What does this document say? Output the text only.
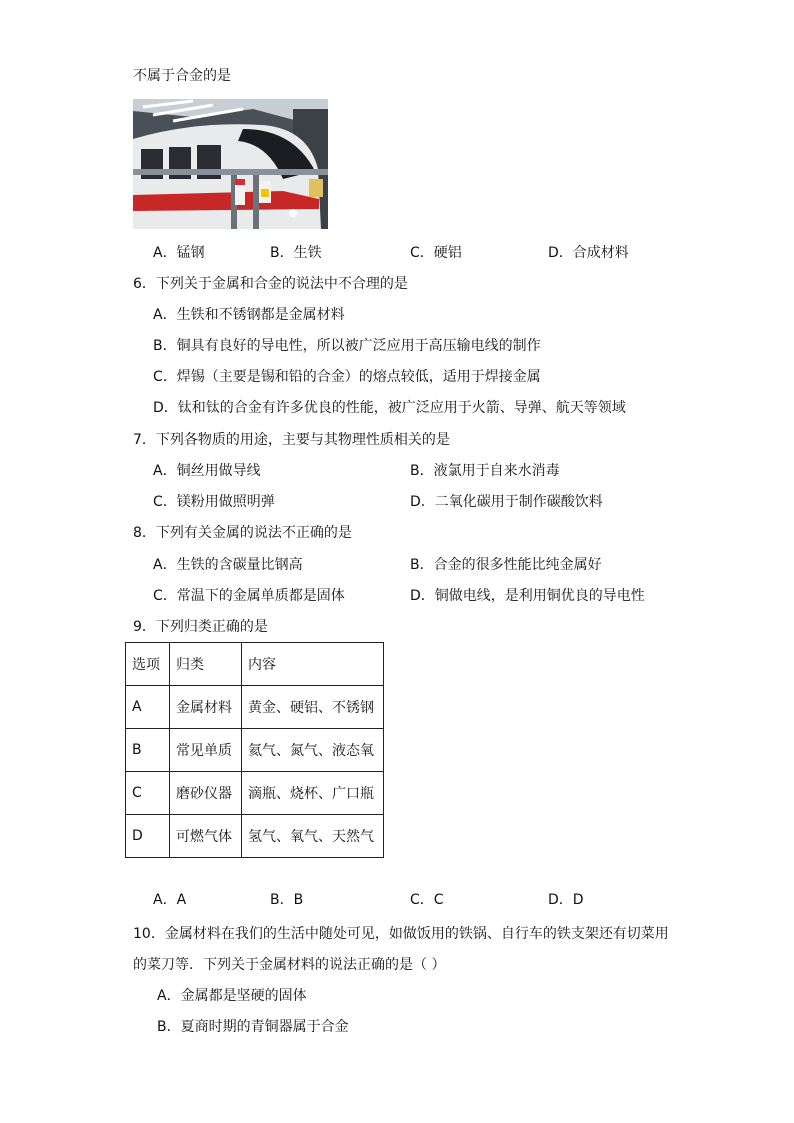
不属于合金的是
A．锰钢	B．生铁	C．硬铝	D．合成材料
6．下列关于金属和合金的说法中不合理的是
A．生铁和不锈钢都是金属材料
B．铜具有良好的导电性，所以被广泛应用于高压输电线的制作
C．焊锡（主要是锡和铅的合金）的熔点较低，适用于焊接金属
D．钛和钛的合金有许多优良的性能，被广泛应用于火箭、导弹、航天等领域
7．下列各物质的用途，主要与其物理性质相关的是
A．铜丝用做导线	B．液氯用于自来水消毒
C．镁粉用做照明弹	D．二氧化碳用于制作碳酸饮料
8．下列有关金属的说法不正确的是
A．生铁的含碳量比钢高	B．合金的很多性能比纯金属好
C．常温下的金属单质都是固体	D．铜做电线，是利用铜优良的导电性
9．下列归类正确的是
选项	归类	内容
A	金属材料	黄金、硬铝、不锈钢
B	常见单质	氦气、氮气、液态氧
C	磨砂仪器	滴瓶、烧杯、广口瓶
D	可燃气体	氢气、氧气、天然气
A．A	B．B	C．C	D．D
10．金属材料在我们的生活中随处可见，如做饭用的铁锅、自行车的铁支架还有切菜用
的菜刀等．下列关于金属材料的说法正确的是（ ）
A．金属都是坚硬的固体
B．夏商时期的青铜器属于合金
